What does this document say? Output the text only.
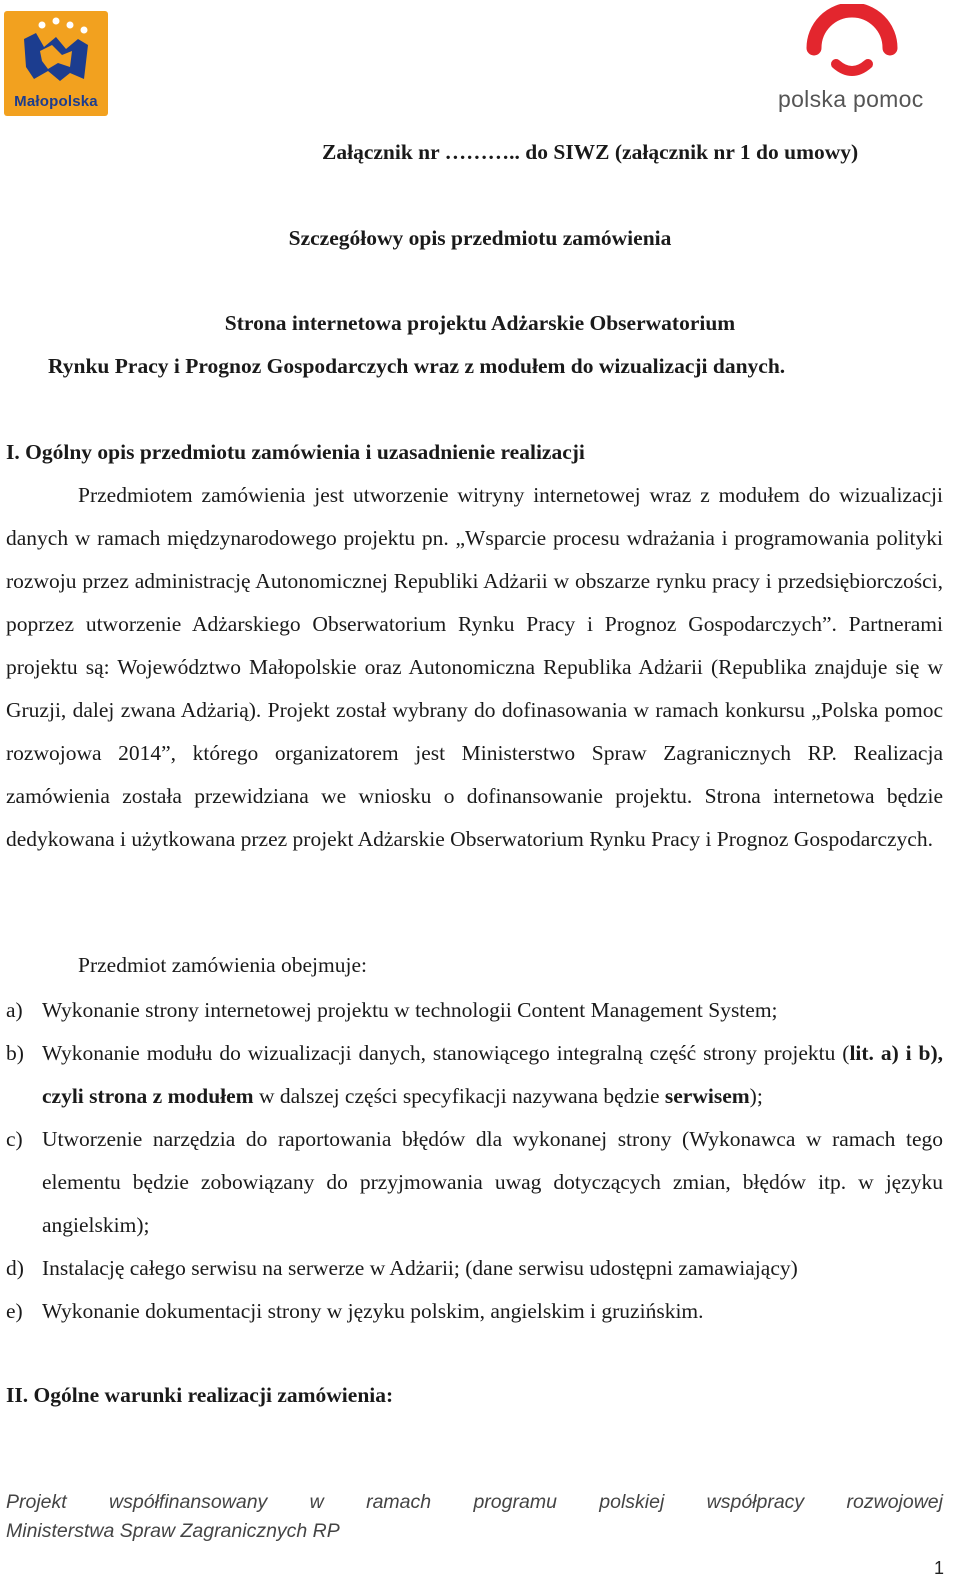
Małopolska	polska pomoc
Załącznik nr ……….. do SIWZ (załącznik nr 1 do umowy)
Szczegółowy opis przedmiotu zamówienia
Strona internetowa projektu Adżarskie Obserwatorium
Rynku Pracy i Prognoz Gospodarczych wraz z modułem do wizualizacji danych.
I. Ogólny opis przedmiotu zamówienia i uzasadnienie realizacji
Przedmiotem zamówienia jest utworzenie witryny internetowej wraz z modułem do wizualizacji danych w ramach międzynarodowego projektu pn. „Wsparcie procesu wdrażania i programowania polityki rozwoju przez administrację Autonomicznej Republiki Adżarii w obszarze rynku pracy i przedsiębiorczości, poprzez utworzenie Adżarskiego Obserwatorium Rynku Pracy i Prognoz Gospodarczych”. Partnerami projektu są: Województwo Małopolskie oraz Autonomiczna Republika Adżarii (Republika znajduje się w Gruzji, dalej zwana Adżarią). Projekt został wybrany do dofinasowania w ramach konkursu „Polska pomoc rozwojowa 2014”, którego organizatorem jest Ministerstwo Spraw Zagranicznych RP. Realizacja zamówienia została przewidziana we wniosku o dofinansowanie projektu. Strona internetowa będzie dedykowana i użytkowana przez projekt Adżarskie Obserwatorium Rynku Pracy i Prognoz Gospodarczych.
Przedmiot zamówienia obejmuje:
a) Wykonanie strony internetowej projektu w technologii Content Management System;
b) Wykonanie modułu do wizualizacji danych, stanowiącego integralną część strony projektu (lit. a) i b), czyli strona z modułem w dalszej części specyfikacji nazywana będzie serwisem);
c) Utworzenie narzędzia do raportowania błędów dla wykonanej strony (Wykonawca w ramach tego elementu będzie zobowiązany do przyjmowania uwag dotyczących zmian, błędów itp. w języku angielskim);
d) Instalację całego serwisu na serwerze w Adżarii; (dane serwisu udostępni zamawiający)
e) Wykonanie dokumentacji strony w języku polskim, angielskim i gruzińskim.
II. Ogólne warunki realizacji zamówienia:
Projekt współfinansowany w ramach programu polskiej współpracy rozwojowej
Ministerstwa Spraw Zagranicznych RP
1
